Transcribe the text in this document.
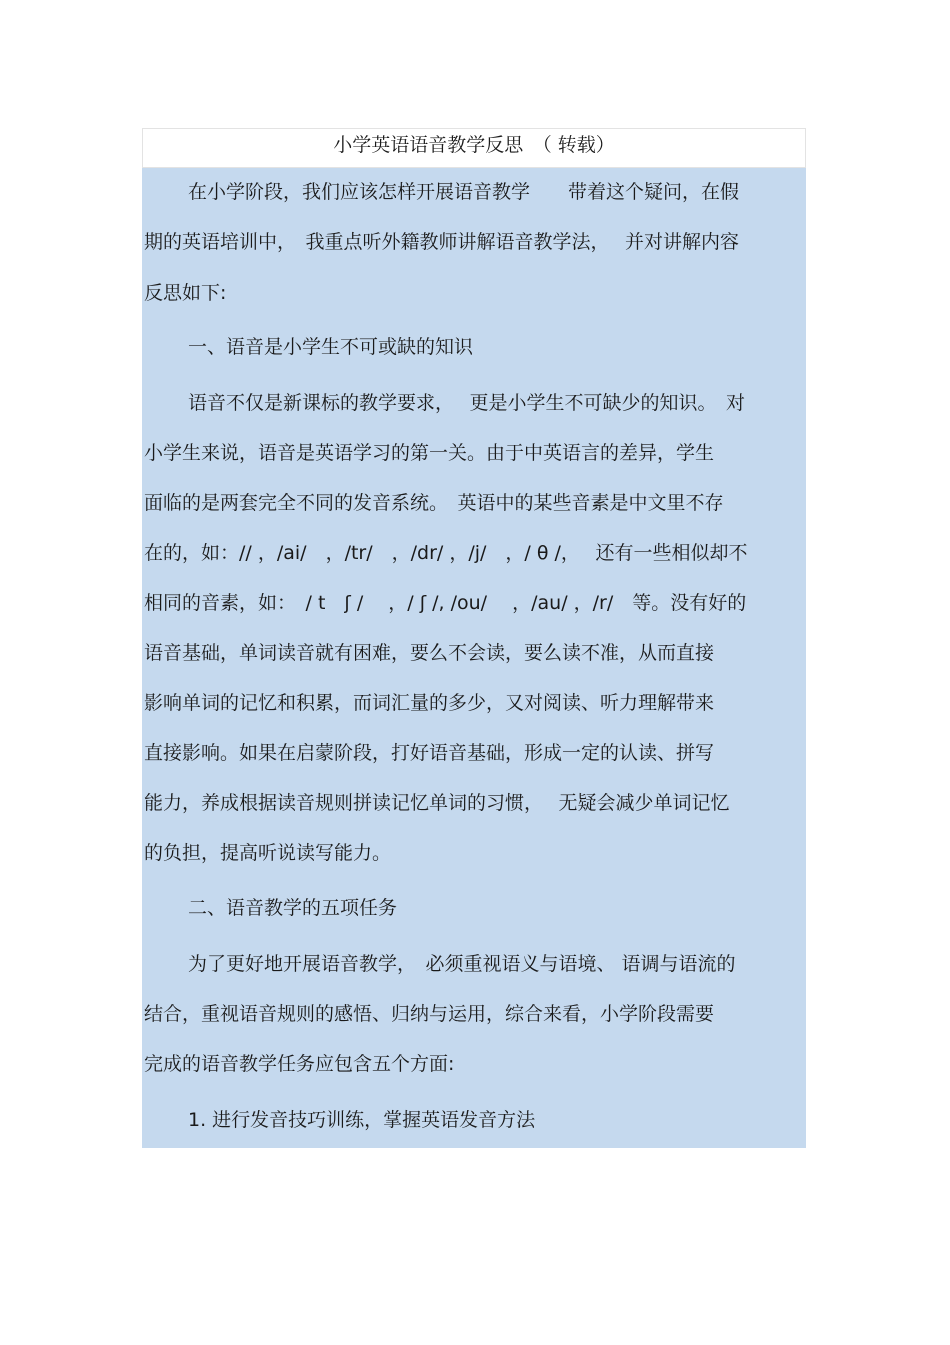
小学英语语音教学反思　（ 转载）
在小学阶段，我们应该怎样开展语音教学　　带着这个疑问，在假
期的英语培训中，　我重点听外籍教师讲解语音教学法，　 并对讲解内容
反思如下:
一、语音是小学生不可或缺的知识
语音不仅是新课标的教学要求，　 更是小学生不可缺少的知识。　对
小学生来说，语音是英语学习的第一关。由于中英语言的差异，学生
面临的是两套完全不同的发音系统。　英语中的某些音素是中文里不存
在的，如：// ，/ai/　，/tr/　，/dr/ ，/j/　，/ θ /，　 还有一些相似却不
相同的音素，如：　/ t　ʃ /　 ，/ ʃ /, /ou/　 ，/au/ ，/r/　等。没有好的
语音基础，单词读音就有困难，要么不会读，要么读不准，从而直接
影响单词的记忆和积累，而词汇量的多少，又对阅读、听力理解带来
直接影响。如果在启蒙阶段，打好语音基础，形成一定的认读、拼写
能力，养成根据读音规则拼读记忆单词的习惯，　 无疑会减少单词记忆
的负担，提高听说读写能力。
二、语音教学的五项任务
为了更好地开展语音教学，　必须重视语义与语境、 语调与语流的
结合，重视语音规则的感悟、归纳与运用，综合来看，小学阶段需要
完成的语音教学任务应包含五个方面:
1. 进行发音技巧训练，掌握英语发音方法
